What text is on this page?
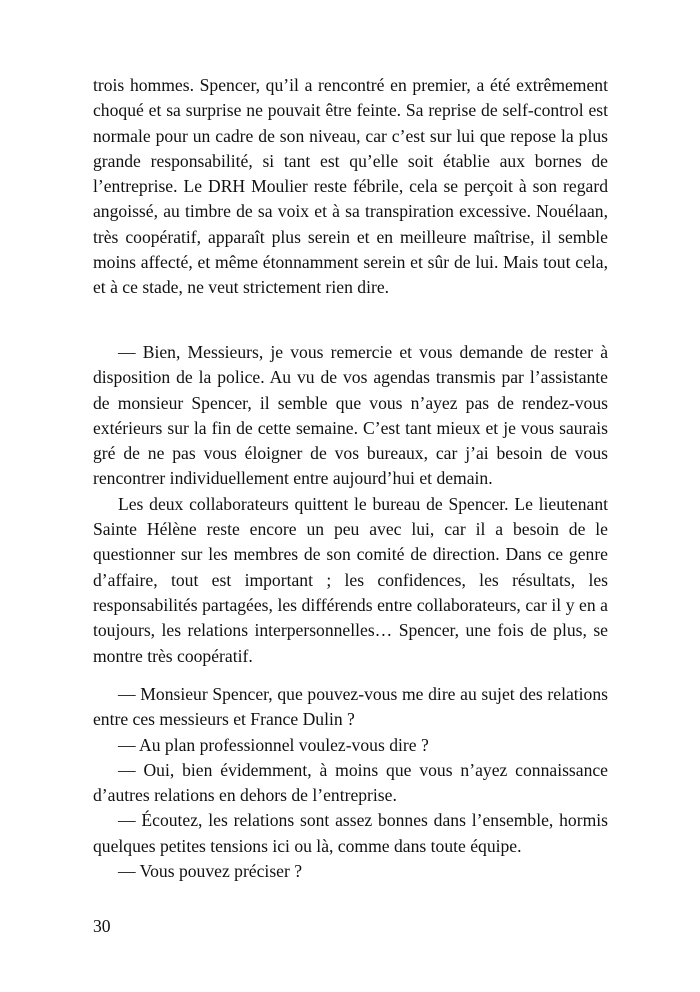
trois hommes. Spencer, qu’il a rencontré en premier, a été extrêmement choqué et sa surprise ne pouvait être feinte. Sa reprise de self-control est normale pour un cadre de son niveau, car c’est sur lui que repose la plus grande responsabilité, si tant est qu’elle soit établie aux bornes de l’entreprise. Le DRH Moulier reste fébrile, cela se perçoit à son regard angoissé, au timbre de sa voix et à sa transpiration excessive. Nouélaan, très coopératif, apparaît plus serein et en meilleure maîtrise, il semble moins affecté, et même étonnamment serein et sûr de lui. Mais tout cela, et à ce stade, ne veut strictement rien dire.

— Bien, Messieurs, je vous remercie et vous demande de rester à disposition de la police. Au vu de vos agendas transmis par l’assistante de monsieur Spencer, il semble que vous n’ayez pas de rendez-vous extérieurs sur la fin de cette semaine. C’est tant mieux et je vous saurais gré de ne pas vous éloigner de vos bureaux, car j’ai besoin de vous rencontrer individuellement entre aujourd’hui et demain.

Les deux collaborateurs quittent le bureau de Spencer. Le lieutenant Sainte Hélène reste encore un peu avec lui, car il a besoin de le questionner sur les membres de son comité de direction. Dans ce genre d’affaire, tout est important ; les confidences, les résultats, les responsabilités partagées, les différends entre collaborateurs, car il y en a toujours, les relations interpersonnelles… Spencer, une fois de plus, se montre très coopératif.

— Monsieur Spencer, que pouvez-vous me dire au sujet des relations entre ces messieurs et France Dulin ?

— Au plan professionnel voulez-vous dire ?

— Oui, bien évidemment, à moins que vous n’ayez connaissance d’autres relations en dehors de l’entreprise.

— Écoutez, les relations sont assez bonnes dans l’ensemble, hormis quelques petites tensions ici ou là, comme dans toute équipe.

— Vous pouvez préciser ?

30
